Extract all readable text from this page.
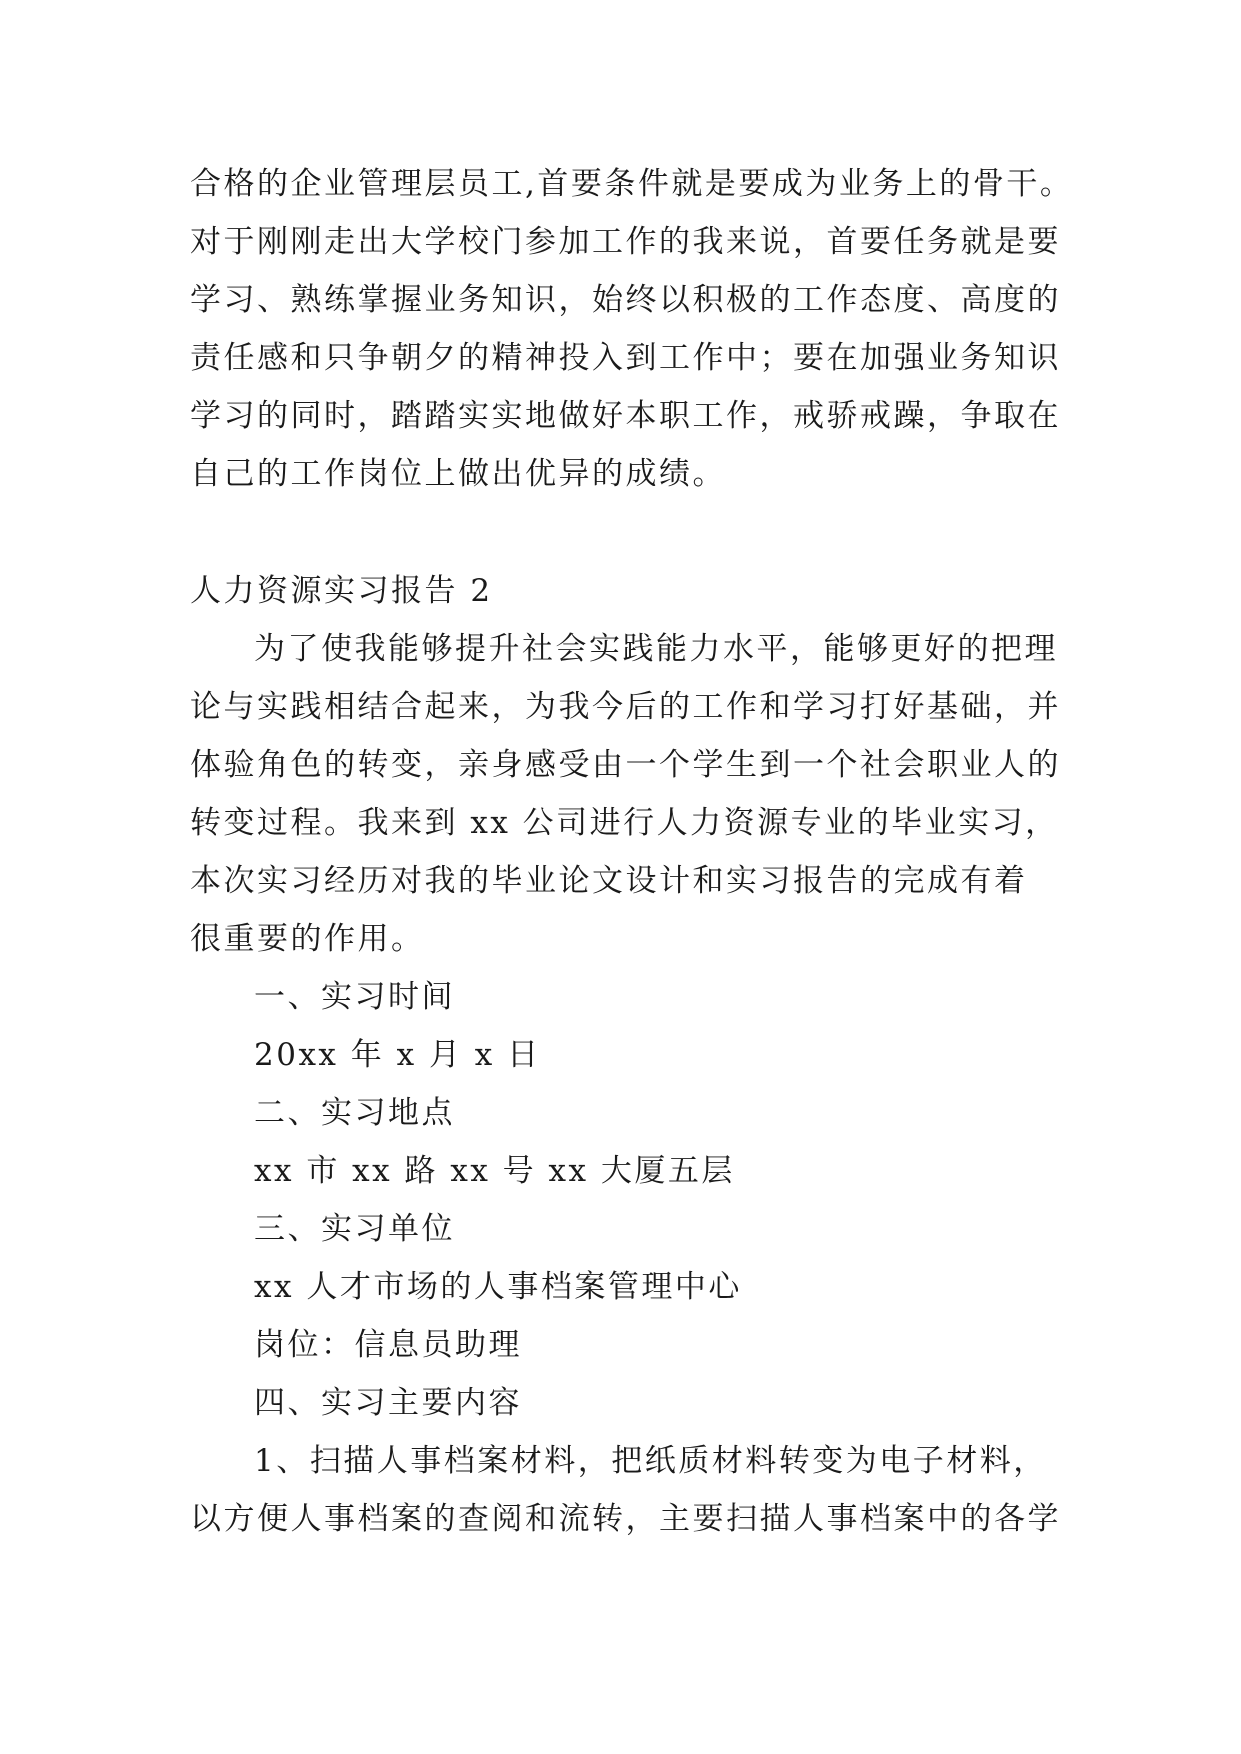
合格的企业管理层员工,首要条件就是要成为业务上的骨干。
对于刚刚走出大学校门参加工作的我来说，首要任务就是要
学习、熟练掌握业务知识，始终以积极的工作态度、高度的
责任感和只争朝夕的精神投入到工作中；要在加强业务知识
学习的同时，踏踏实实地做好本职工作，戒骄戒躁，争取在
自己的工作岗位上做出优异的成绩。
人力资源实习报告 2
为了使我能够提升社会实践能力水平，能够更好的把理
论与实践相结合起来，为我今后的工作和学习打好基础，并
体验角色的转变，亲身感受由一个学生到一个社会职业人的
转变过程。我来到 xx 公司进行人力资源专业的毕业实习，
本次实习经历对我的毕业论文设计和实习报告的完成有着
很重要的作用。
一、实习时间
20xx 年 x 月 x 日
二、实习地点
xx 市 xx 路 xx 号 xx 大厦五层
三、实习单位
xx 人才市场的人事档案管理中心
岗位：信息员助理
四、实习主要内容
1、扫描人事档案材料，把纸质材料转变为电子材料，
以方便人事档案的查阅和流转，主要扫描人事档案中的各学
